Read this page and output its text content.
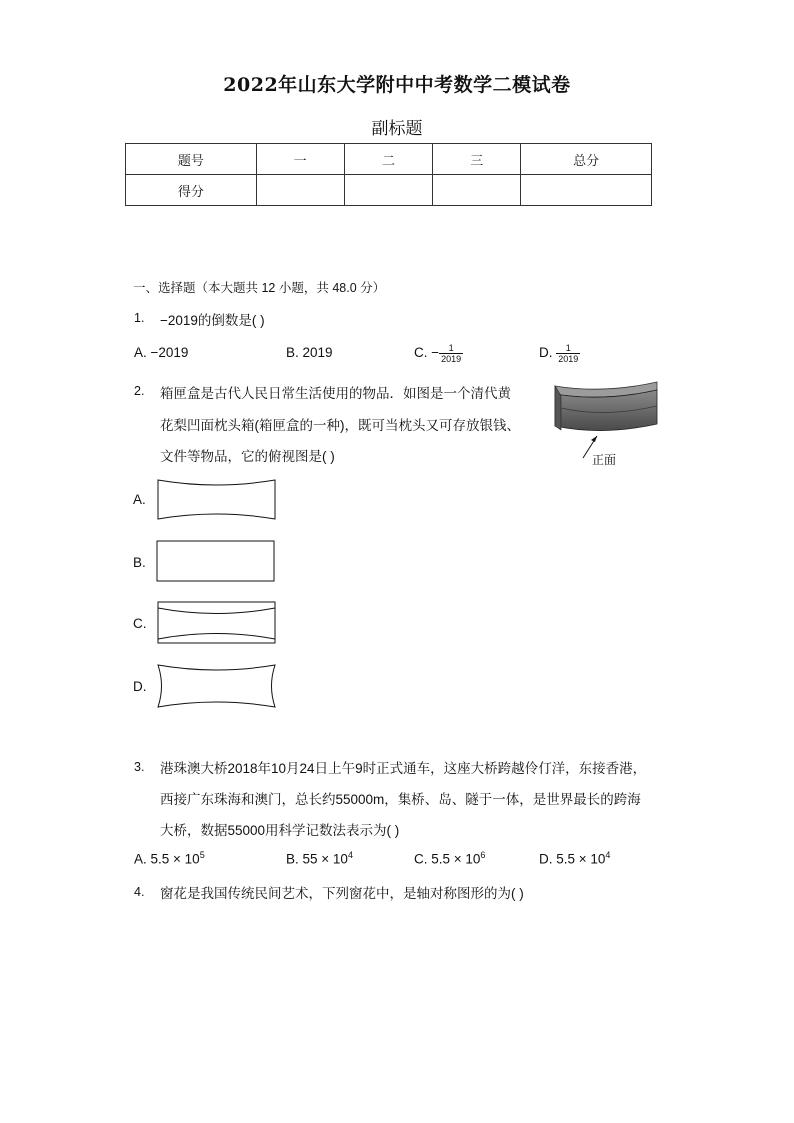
2022年山东大学附中中考数学二模试卷
副标题
题号	一	二	三	总分
得分				
一、选择题（本大题共 12 小题，共 48.0 分）
1. −2019的倒数是( )
A. −2019	B. 2019	C. − $\frac{1}{2019}$	D. $\frac{1}{2019}$
2. 箱匣盒是古代人民日常生活使用的物品．如图是一个清代黄
花梨凹面枕头箱(箱匣盒的一种)，既可当枕头又可存放银钱、
文件等物品，它的俯视图是( )	正面
A.
B.
C.
D.
3. 港珠澳大桥2018年10月24日上午9时正式通车，这座大桥跨越伶仃洋，东接香港，
西接广东珠海和澳门，总长约55000m，集桥、岛、隧于一体，是世界最长的跨海
大桥，数据55000用科学记数法表示为( )
A. $5.5 \times 10^5$	B. $55 \times 10^4$	C. $5.5 \times 10^6$	D. $5.5 \times 10^4$
4. 窗花是我国传统民间艺术，下列窗花中，是轴对称图形的为( )
